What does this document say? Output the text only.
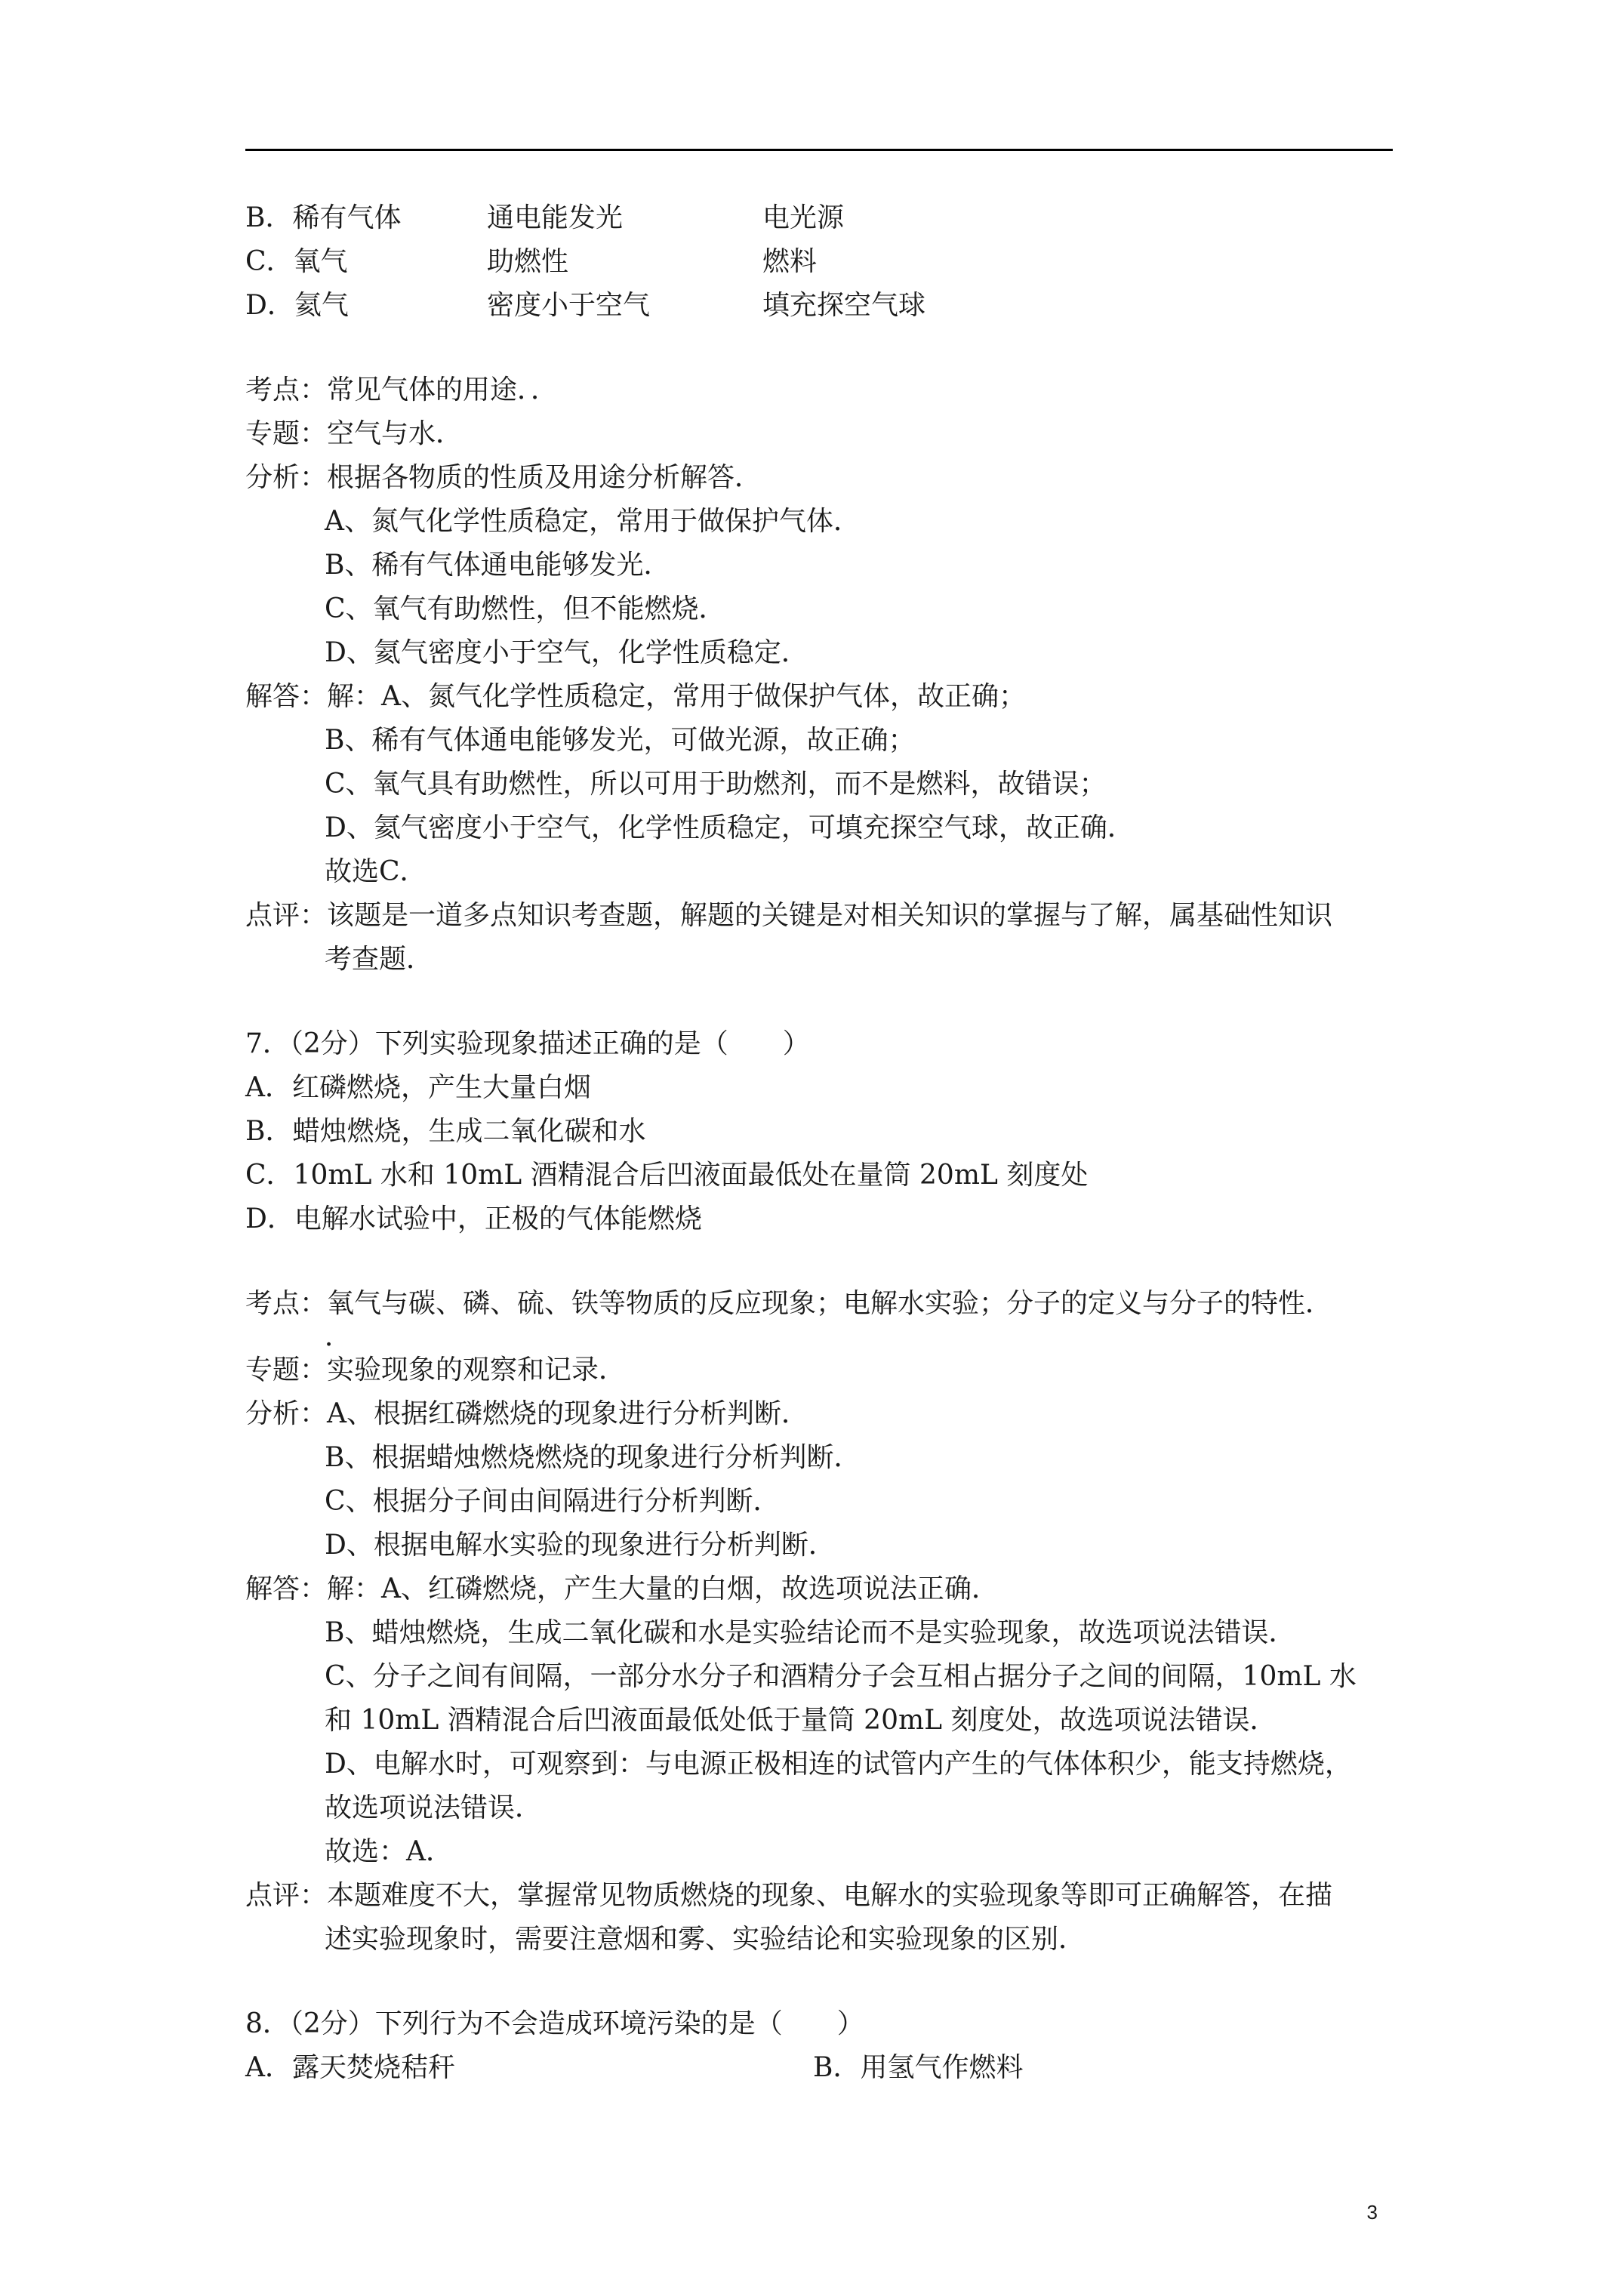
B．稀有气体	通电能发光	电光源
C．氧气	助燃性	燃料
D．氦气	密度小于空气	填充探空气球
考点：常见气体的用途．．
专题：空气与水．
分析：根据各物质的性质及用途分析解答．
A、氮气化学性质稳定，常用于做保护气体．
B、稀有气体通电能够发光．
C、氧气有助燃性，但不能燃烧．
D、氦气密度小于空气，化学性质稳定．
解答：解：A、氮气化学性质稳定，常用于做保护气体，故正确；
B、稀有气体通电能够发光，可做光源，故正确；
C、氧气具有助燃性，所以可用于助燃剂，而不是燃料，故错误；
D、氦气密度小于空气，化学性质稳定，可填充探空气球，故正确．
故选C．
点评：该题是一道多点知识考查题，解题的关键是对相关知识的掌握与了解，属基础性知识
考查题．
7．（2分）下列实验现象描述正确的是（　　）
A．红磷燃烧，产生大量白烟
B．蜡烛燃烧，生成二氧化碳和水
C．10mL 水和 10mL 酒精混合后凹液面最低处在量筒 20mL 刻度处
D．电解水试验中，正极的气体能燃烧
考点：氧气与碳、磷、硫、铁等物质的反应现象；电解水实验；分子的定义与分子的特性．
．
专题：实验现象的观察和记录．
分析：A、根据红磷燃烧的现象进行分析判断．
B、根据蜡烛燃烧燃烧的现象进行分析判断．
C、根据分子间由间隔进行分析判断．
D、根据电解水实验的现象进行分析判断．
解答：解：A、红磷燃烧，产生大量的白烟，故选项说法正确．
B、蜡烛燃烧，生成二氧化碳和水是实验结论而不是实验现象，故选项说法错误．
C、分子之间有间隔，一部分水分子和酒精分子会互相占据分子之间的间隔，10mL 水
和 10mL 酒精混合后凹液面最低处低于量筒 20mL 刻度处，故选项说法错误．
D、电解水时，可观察到：与电源正极相连的试管内产生的气体体积少，能支持燃烧，
故选项说法错误．
故选：A．
点评：本题难度不大，掌握常见物质燃烧的现象、电解水的实验现象等即可正确解答，在描
述实验现象时，需要注意烟和雾、实验结论和实验现象的区别．
8．（2分）下列行为不会造成环境污染的是（　　）
A．露天焚烧秸秆	B．用氢气作燃料
3
